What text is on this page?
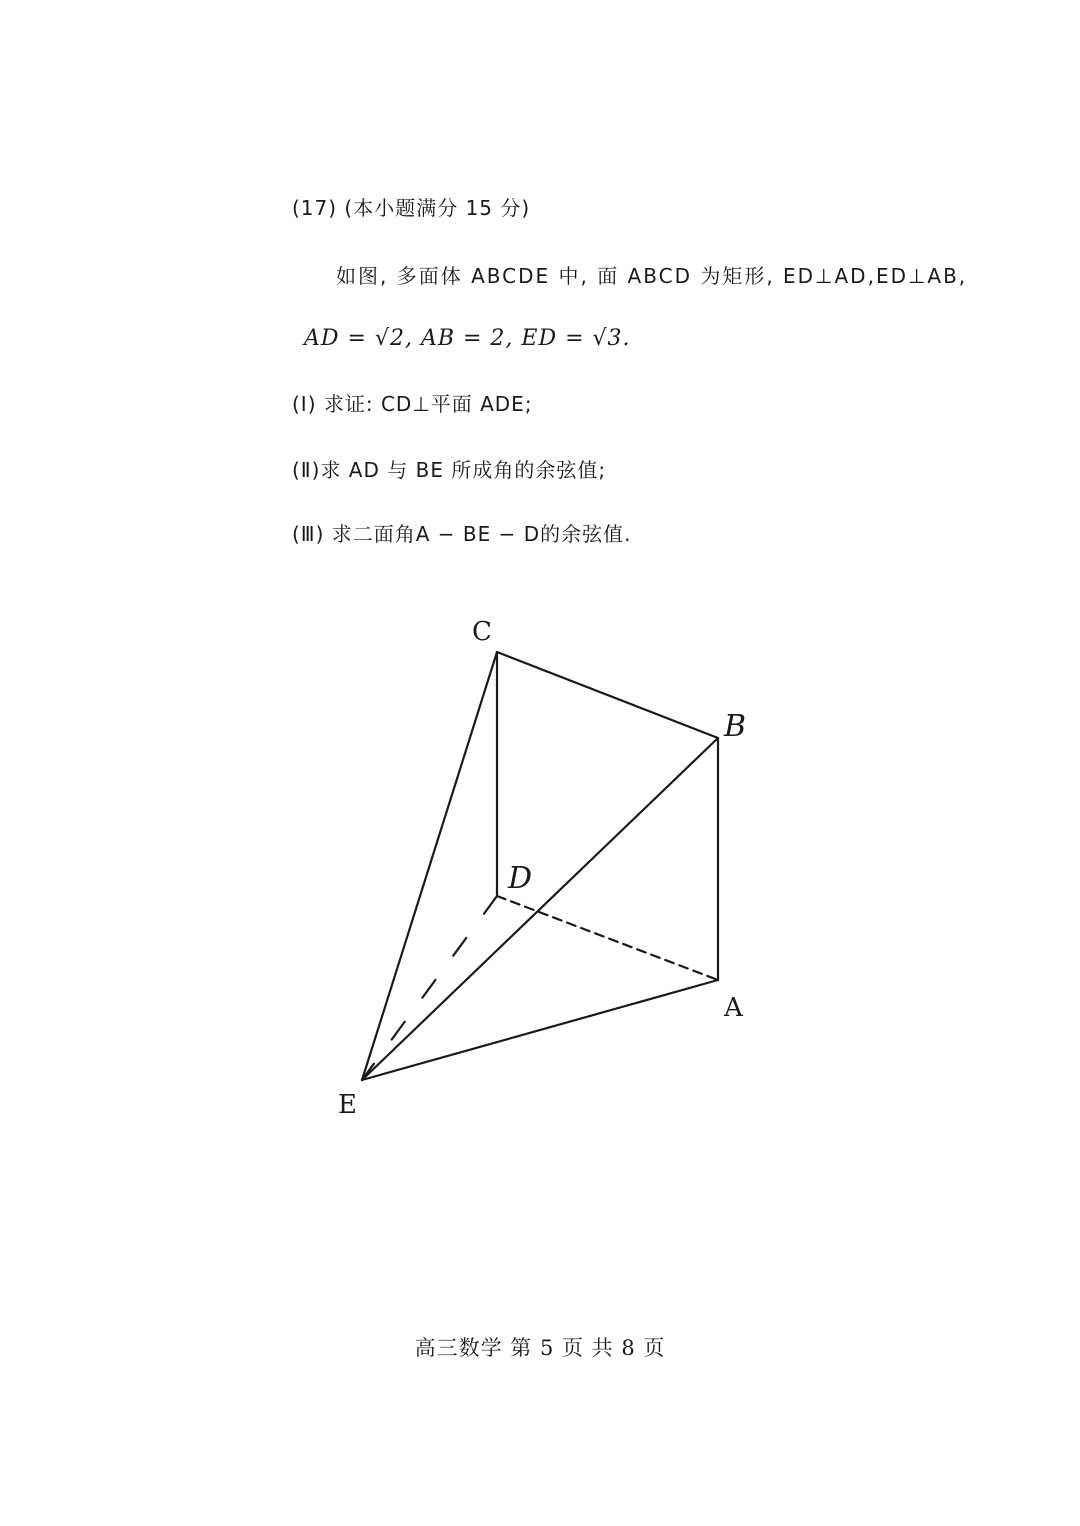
(17) (本小题满分 15 分)
如图, 多面体 ABCDE 中, 面 ABCD 为矩形, ED⊥AD,ED⊥AB,
AD = √2, AB = 2, ED = √3.
(Ⅰ) 求证: CD⊥平面 ADE;
(Ⅱ)求 AD 与 BE 所成角的余弦值;
(Ⅲ) 求二面角A − BE − D的余弦值.
C
B
D
A
E
高三数学 第 5 页 共 8 页
